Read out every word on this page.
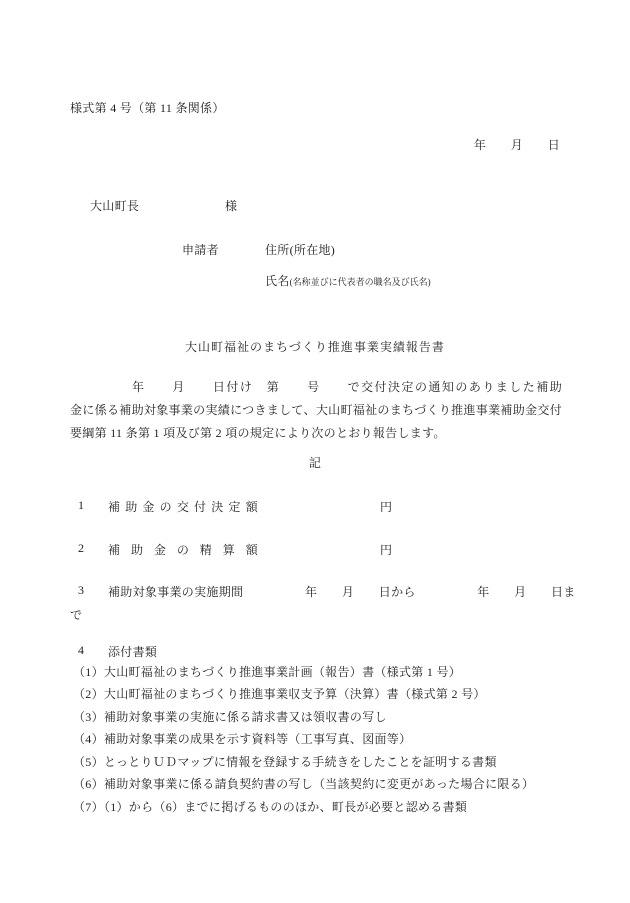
様式第 4 号（第 11 条関係）
年　　月　　日
大山町長	様
申請者	住所(所在地)
氏名(名称並びに代表者の職名及び氏名)
大山町福祉のまちづくり推進事業実績報告書
年　　月　　日付け　第　　号　　で交付決定の通知のありました補助
金に係る補助対象事業の実績につきまして、大山町福祉のまちづくり推進事業補助金交付
要綱第 11 条第 1 項及び第 2 項の規定により次のとおり報告します。
記
1 補助金の交付決定額	円
2 補助金の精算額	円
3 補助対象事業の実施期間	年　　月　　日から　　　　　年　　月　　日ま
で
4 添付書類
（1）大山町福祉のまちづくり推進事業計画（報告）書（様式第 1 号）
（2）大山町福祉のまちづくり推進事業収支予算（決算）書（様式第 2 号）
（3）補助対象事業の実施に係る請求書又は領収書の写し
（4）補助対象事業の成果を示す資料等（工事写真、図面等）
（5）とっとりＵＤマップに情報を登録する手続きをしたことを証明する書類
（6）補助対象事業に係る請負契約書の写し（当該契約に変更があった場合に限る）
（7）（1）から（6）までに掲げるもののほか、町長が必要と認める書類
